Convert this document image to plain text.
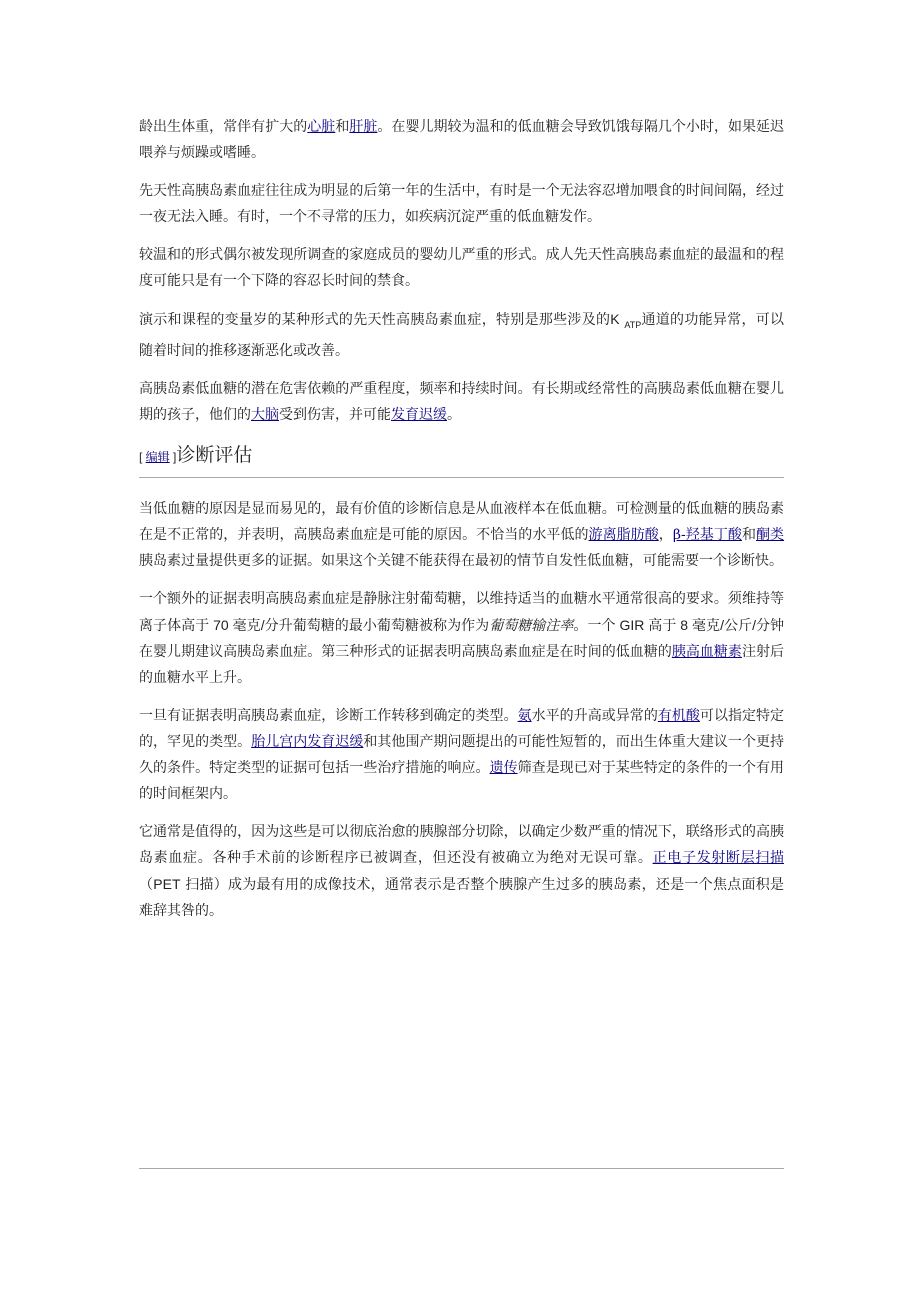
龄出生体重，常伴有扩大的心脏和肝脏。在婴儿期较为温和的低血糖会导致饥饿每隔几个小时，如果延迟喂养与烦躁或嗜睡。

先天性高胰岛素血症往往成为明显的后第一年的生活中，有时是一个无法容忍增加喂食的时间间隔，经过一夜无法入睡。有时，一个不寻常的压力，如疾病沉淀严重的低血糖发作。

较温和的形式偶尔被发现所调查的家庭成员的婴幼儿严重的形式。成人先天性高胰岛素血症的最温和的程度可能只是有一个下降的容忍长时间的禁食。

演示和课程的变量岁的某种形式的先天性高胰岛素血症，特别是那些涉及的K $_{ATP}$通道的功能异常，可以随着时间的推移逐渐恶化或改善。

高胰岛素低血糖的潜在危害依赖的严重程度，频率和持续时间。有长期或经常性的高胰岛素低血糖在婴儿期的孩子，他们的大脑受到伤害，并可能发育迟缓。

[ 编辑 ]诊断评估

当低血糖的原因是显而易见的，最有价值的诊断信息是从血液样本在低血糖。可检测量的低血糖的胰岛素在是不正常的，并表明，高胰岛素血症是可能的原因。不恰当的水平低的游离脂肪酸，β-羟基丁酸和酮类胰岛素过量提供更多的证据。如果这个关键不能获得在最初的情节自发性低血糖，可能需要一个诊断快。

一个额外的证据表明高胰岛素血症是静脉注射葡萄糖，以维持适当的血糖水平通常很高的要求。须维持等离子体高于 70 毫克/分升葡萄糖的最小葡萄糖被称为作为葡萄糖输注率。一个 GIR 高于 8 毫克/公斤/分钟在婴儿期建议高胰岛素血症。第三种形式的证据表明高胰岛素血症是在时间的低血糖的胰高血糖素注射后的血糖水平上升。

一旦有证据表明高胰岛素血症，诊断工作转移到确定的类型。氨水平的升高或异常的有机酸可以指定特定的，罕见的类型。胎儿宫内发育迟缓和其他围产期问题提出的可能性短暂的，而出生体重大建议一个更持久的条件。特定类型的证据可包括一些治疗措施的响应。遗传筛查是现已对于某些特定的条件的一个有用的时间框架内。

它通常是值得的，因为这些是可以彻底治愈的胰腺部分切除，以确定少数严重的情况下，联络形式的高胰岛素血症。各种手术前的诊断程序已被调查，但还没有被确立为绝对无误可靠。正电子发射断层扫描（PET 扫描）成为最有用的成像技术，通常表示是否整个胰腺产生过多的胰岛素，还是一个焦点面积是难辞其咎的。
